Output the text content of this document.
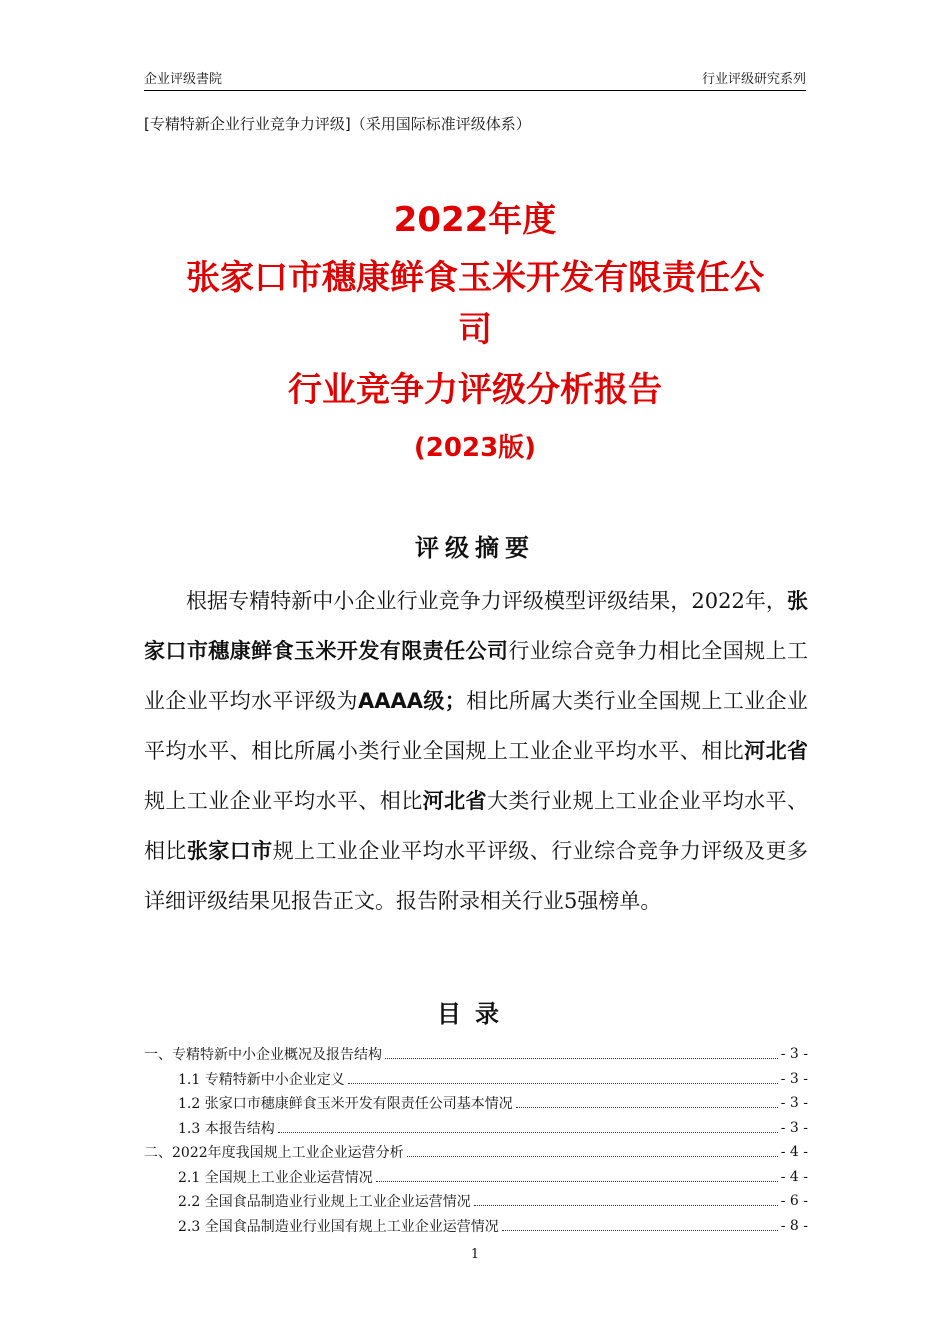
企业评级書院	行业评级研究系列
[专精特新企业行业竞争力评级]（采用国际标准评级体系）
2022年度
张家口市穗康鲜食玉米开发有限责任公
司
行业竞争力评级分析报告
(2023版)
评级摘要

根据专精特新中小企业行业竞争力评级模型评级结果，2022年，张家口市穗康鲜食玉米开发有限责任公司行业综合竞争力相比全国规上工业企业平均水平评级为AAAA级；相比所属大类行业全国规上工业企业平均水平、相比所属小类行业全国规上工业企业平均水平、相比河北省规上工业企业平均水平、相比河北省大类行业规上工业企业平均水平、相比张家口市规上工业企业平均水平评级、行业综合竞争力评级及更多详细评级结果见报告正文。报告附录相关行业5强榜单。

目录
一、专精特新中小企业概况及报告结构	- 3 -
1.1 专精特新中小企业定义	- 3 -
1.2 张家口市穗康鲜食玉米开发有限责任公司基本情况	- 3 -
1.3 本报告结构	- 3 -
二、2022年度我国规上工业企业运营分析	- 4 -
2.1 全国规上工业企业运营情况	- 4 -
2.2 全国食品制造业行业规上工业企业运营情况	- 6 -
2.3 全国食品制造业行业国有规上工业企业运营情况	- 8 -
1
